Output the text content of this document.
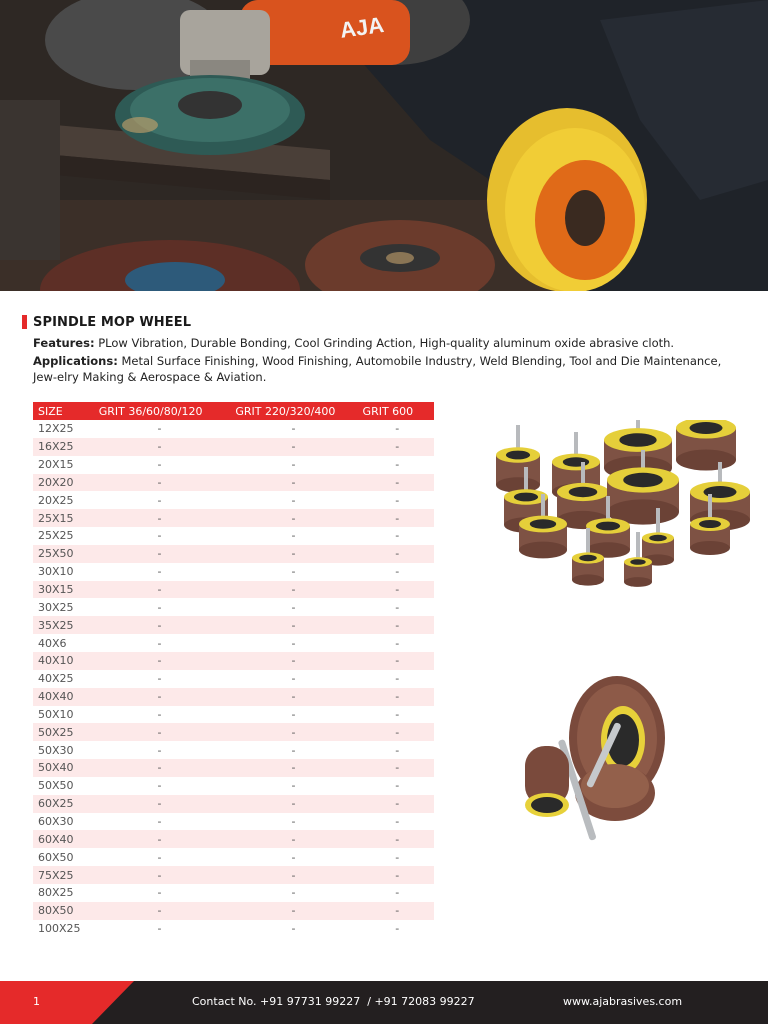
AJA
SPINDLE MOP WHEEL
Features: PLow Vibration, Durable Bonding, Cool Grinding Action, High-quality aluminum oxide abrasive cloth.
Applications: Metal Surface Finishing, Wood Finishing, Automobile Industry, Weld Blending, Tool and Die Maintenance, Jew-elry Making & Aerospace & Aviation.
SIZE	GRIT 36/60/80/120	GRIT 220/320/400	GRIT 600
12X25	-	-	-
16X25	-	-	-
20X15	-	-	-
20X20	-	-	-
20X25	-	-	-
25X15	-	-	-
25X25	-	-	-
25X50	-	-	-
30X10	-	-	-
30X15	-	-	-
30X25	-	-	-
35X25	-	-	-
40X6	-	-	-
40X10	-	-	-
40X25	-	-	-
40X40	-	-	-
50X10	-	-	-
50X25	-	-	-
50X30	-	-	-
50X40	-	-	-
50X50	-	-	-
60X25	-	-	-
60X30	-	-	-
60X40	-	-	-
60X50	-	-	-
75X25	-	-	-
80X25	-	-	-
80X50	-	-	-
100X25	-	-	-
1	Contact No. +91 97731 99227  / +91 72083 99227	www.ajabrasives.com
